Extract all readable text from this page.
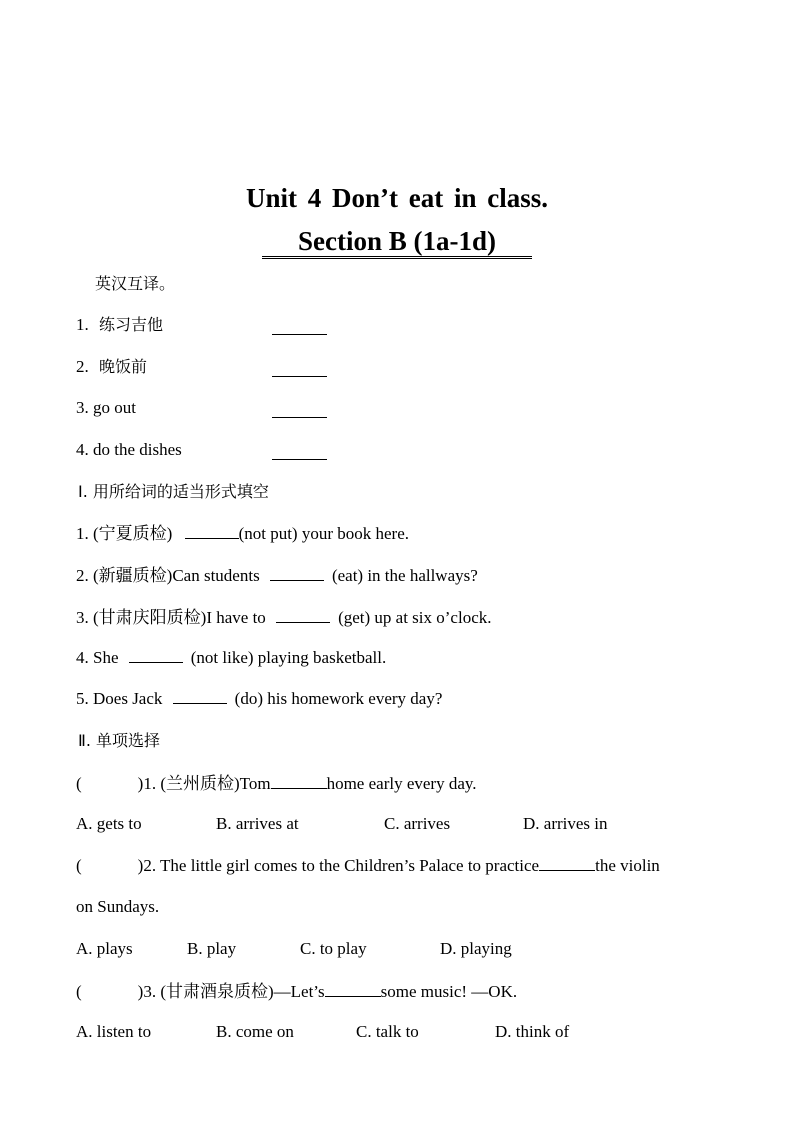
Unit 4 Don’t eat in class.
Section B (1a-1d)
英汉互译。
1. 练习吉他
2. 晚饭前
3. go out
4. do the dishes
Ⅰ. 用所给词的适当形式填空
1. (宁夏质检)	(not put) your book here.
2. (新疆质检)Can students	(eat) in the hallways?
3. (甘肃庆阳质检)I have to	(get) up at six o’clock.
4. She	(not like) playing basketball.
5. Does Jack	(do) his homework every day?
Ⅱ. 单项选择
(	)1. (兰州质检)Tom	home early every day.
A. gets to	B. arrives at	C. arrives	D. arrives in
(	)2. The little girl comes to the Children’s Palace to practice	the violin
on Sundays.
A. plays	B. play	C. to play	D. playing
(	)3. (甘肃酒泉质检)—Let’s	some music! —OK.
A. listen to	B. come on	C. talk to	D. think of
